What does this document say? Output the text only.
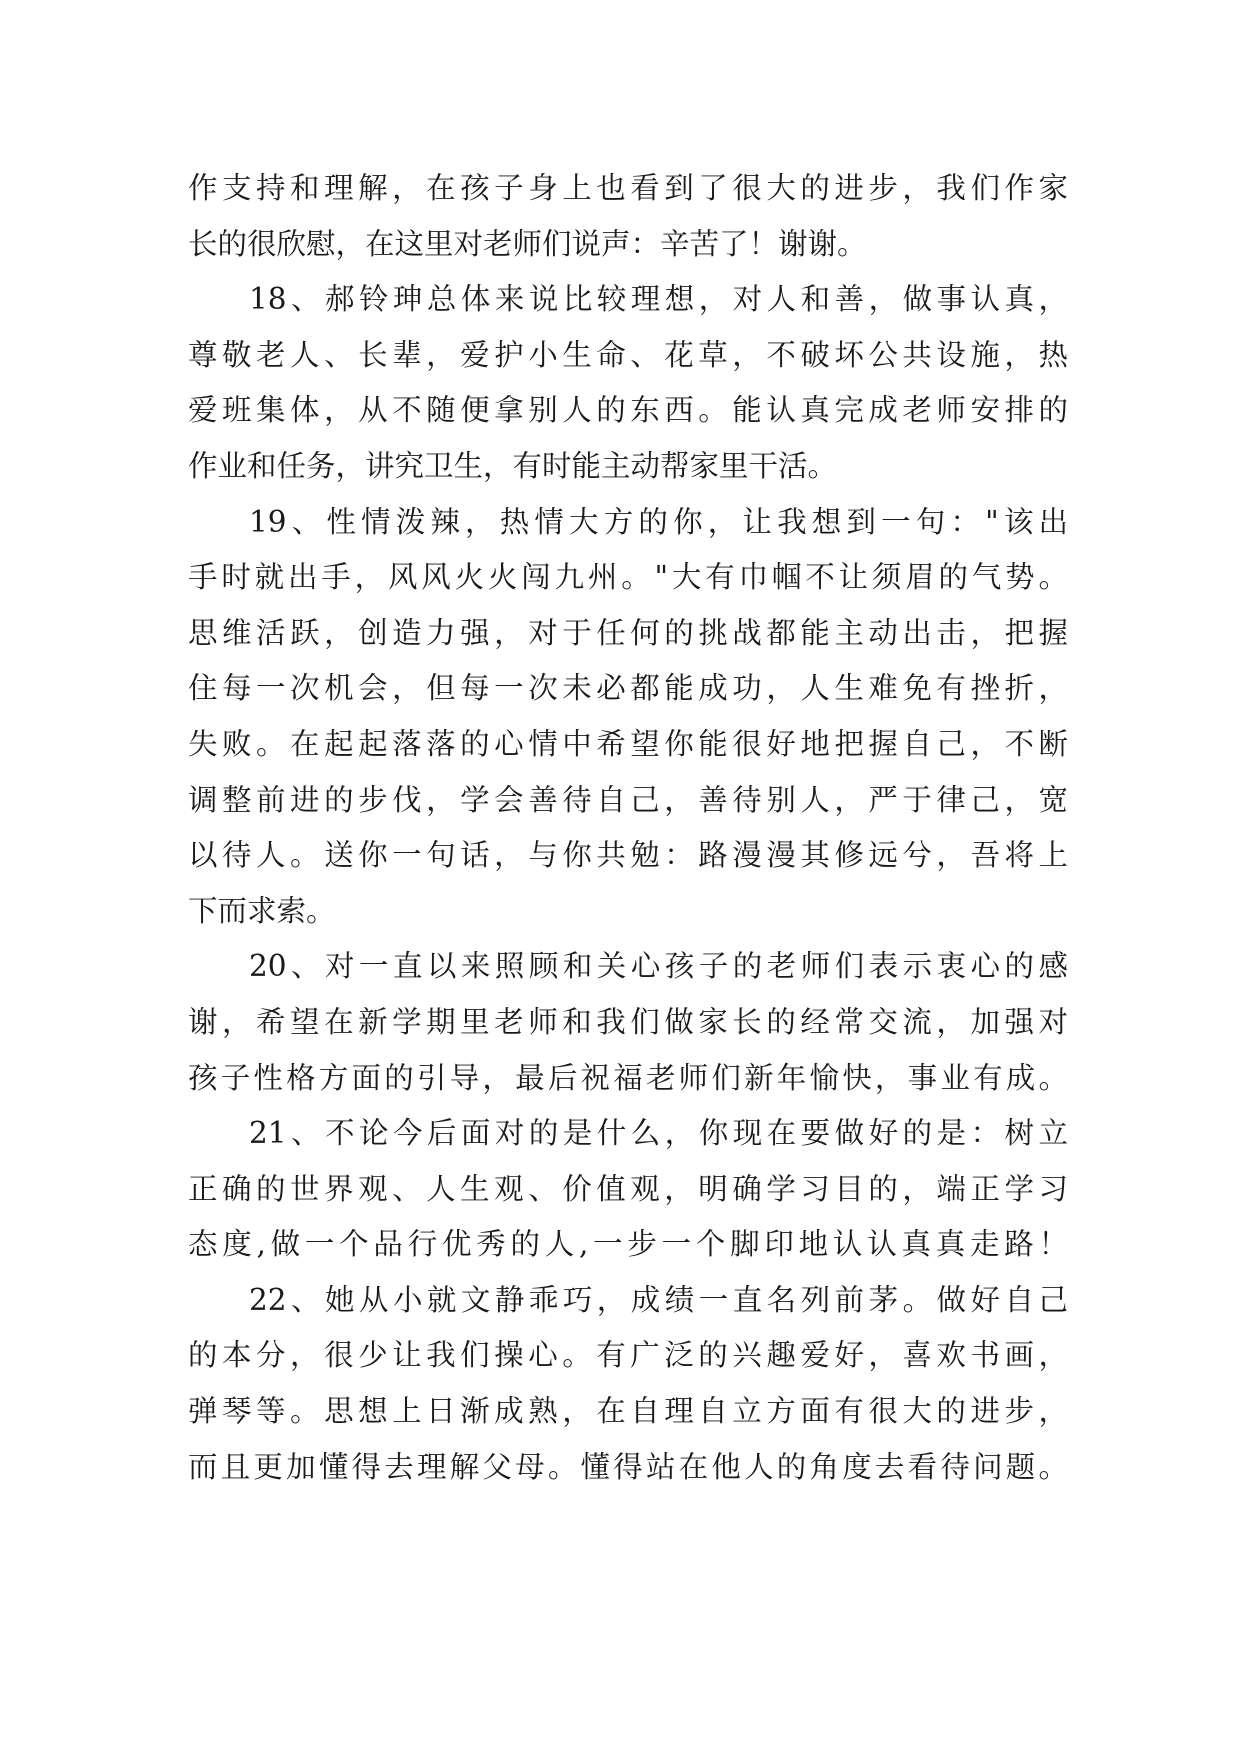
作支持和理解，在孩子身上也看到了很大的进步，我们作家
长的很欣慰，在这里对老师们说声：辛苦了！谢谢。
18、郝铃珅总体来说比较理想，对人和善，做事认真，
尊敬老人、长辈，爱护小生命、花草，不破坏公共设施，热
爱班集体，从不随便拿别人的东西。能认真完成老师安排的
作业和任务，讲究卫生，有时能主动帮家里干活。
19、性情泼辣，热情大方的你，让我想到一句："该出
手时就出手，风风火火闯九州。"大有巾帼不让须眉的气势。
思维活跃，创造力强，对于任何的挑战都能主动出击，把握
住每一次机会，但每一次未必都能成功，人生难免有挫折，
失败。在起起落落的心情中希望你能很好地把握自己，不断
调整前进的步伐，学会善待自己，善待别人，严于律己，宽
以待人。送你一句话，与你共勉：路漫漫其修远兮，吾将上
下而求索。
20、对一直以来照顾和关心孩子的老师们表示衷心的感
谢，希望在新学期里老师和我们做家长的经常交流，加强对
孩子性格方面的引导，最后祝福老师们新年愉快，事业有成。
21、不论今后面对的是什么，你现在要做好的是：树立
正确的世界观、人生观、价值观，明确学习目的，端正学习
态度,做一个品行优秀的人,一步一个脚印地认认真真走路！
22、她从小就文静乖巧，成绩一直名列前茅。做好自己
的本分，很少让我们操心。有广泛的兴趣爱好，喜欢书画，
弹琴等。思想上日渐成熟，在自理自立方面有很大的进步，
而且更加懂得去理解父母。懂得站在他人的角度去看待问题。
